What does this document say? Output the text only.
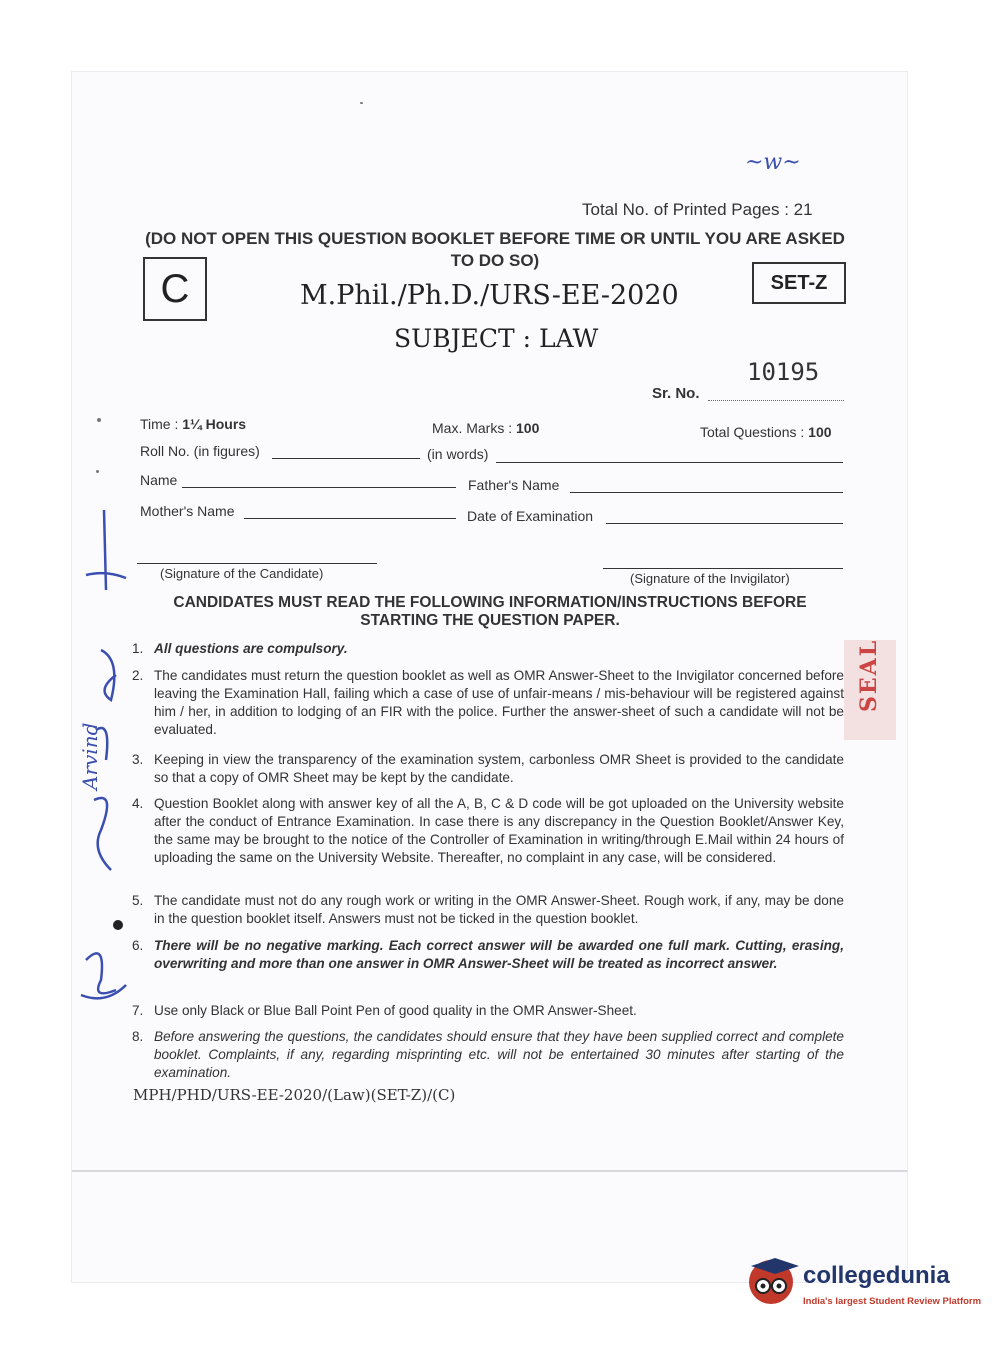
~w~
Total No. of Printed Pages : 21
(DO NOT OPEN THIS QUESTION BOOKLET BEFORE TIME OR UNTIL YOU ARE ASKED TO DO SO)
C	SET-Z
M.Phil./Ph.D./URS-EE-2020
SUBJECT : LAW
10195
Sr. No.
Time : 1¼ Hours	Max. Marks : 100	Total Questions : 100
Roll No. (in figures)	(in words)
Name	Father's Name
Mother's Name	Date of Examination
(Signature of the Candidate)	(Signature of the Invigilator)
CANDIDATES MUST READ THE FOLLOWING INFORMATION/INSTRUCTIONS BEFORE STARTING THE QUESTION PAPER.
1. All questions are compulsory.
2. The candidates must return the question booklet as well as OMR Answer-Sheet to the Invigilator concerned before leaving the Examination Hall, failing which a case of use of unfair-means / mis-behaviour will be registered against him / her, in addition to lodging of an FIR with the police. Further the answer-sheet of such a candidate will not be evaluated.
3. Keeping in view the transparency of the examination system, carbonless OMR Sheet is provided to the candidate so that a copy of OMR Sheet may be kept by the candidate.
4. Question Booklet along with answer key of all the A, B, C & D code will be got uploaded on the University website after the conduct of Entrance Examination. In case there is any discrepancy in the Question Booklet/Answer Key, the same may be brought to the notice of the Controller of Examination in writing/through E.Mail within 24 hours of uploading the same on the University Website. Thereafter, no complaint in any case, will be considered.
5. The candidate must not do any rough work or writing in the OMR Answer-Sheet. Rough work, if any, may be done in the question booklet itself. Answers must not be ticked in the question booklet.
6. There will be no negative marking. Each correct answer will be awarded one full mark. Cutting, erasing, overwriting and more than one answer in OMR Answer-Sheet will be treated as incorrect answer.
7. Use only Black or Blue Ball Point Pen of good quality in the OMR Answer-Sheet.
8. Before answering the questions, the candidates should ensure that they have been supplied correct and complete booklet. Complaints, if any, regarding misprinting etc. will not be entertained 30 minutes after starting of the examination.
MPH/PHD/URS-EE-2020/(Law)(SET-Z)/(C)
SEAL
Arvind
collegedunia
India's largest Student Review Platform
